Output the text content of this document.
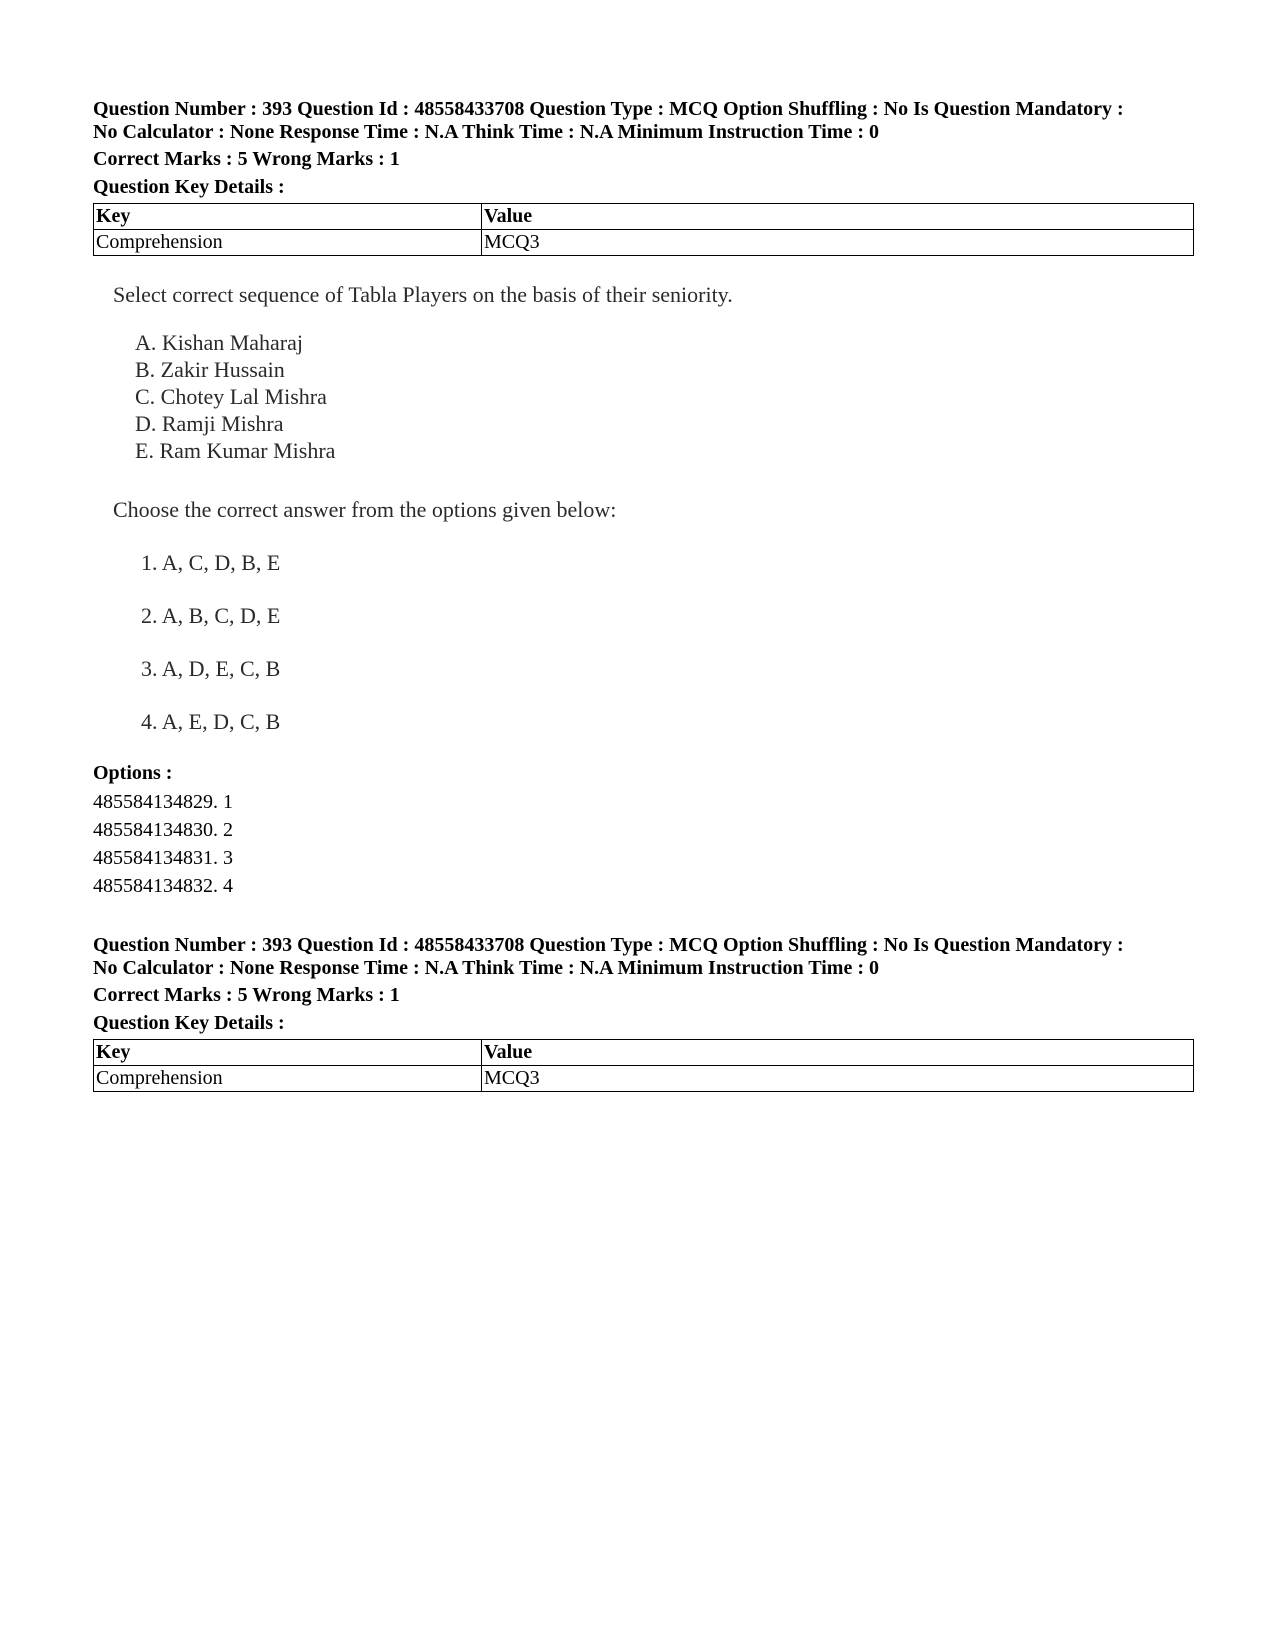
Question Number : 393 Question Id : 48558433708 Question Type : MCQ Option Shuffling : No Is Question Mandatory :

No Calculator : None Response Time : N.A Think Time : N.A Minimum Instruction Time : 0

Correct Marks : 5 Wrong Marks : 1

Question Key Details :

Key	Value
Comprehension	MCQ3
Select correct sequence of Tabla Players on the basis of their seniority.
A. Kishan Maharaj
B. Zakir Hussain
C. Chotey Lal Mishra
D. Ramji Mishra
E. Ram Kumar Mishra
Choose the correct answer from the options given below:
1. A, C, D, B, E
2. A, B, C, D, E
3. A, D, E, C, B
4. A, E, D, C, B
Options :
485584134829. 1
485584134830. 2
485584134831. 3
485584134832. 4

Question Number : 393 Question Id : 48558433708 Question Type : MCQ Option Shuffling : No Is Question Mandatory :

No Calculator : None Response Time : N.A Think Time : N.A Minimum Instruction Time : 0

Correct Marks : 5 Wrong Marks : 1

Question Key Details :

Key	Value
Comprehension	MCQ3
